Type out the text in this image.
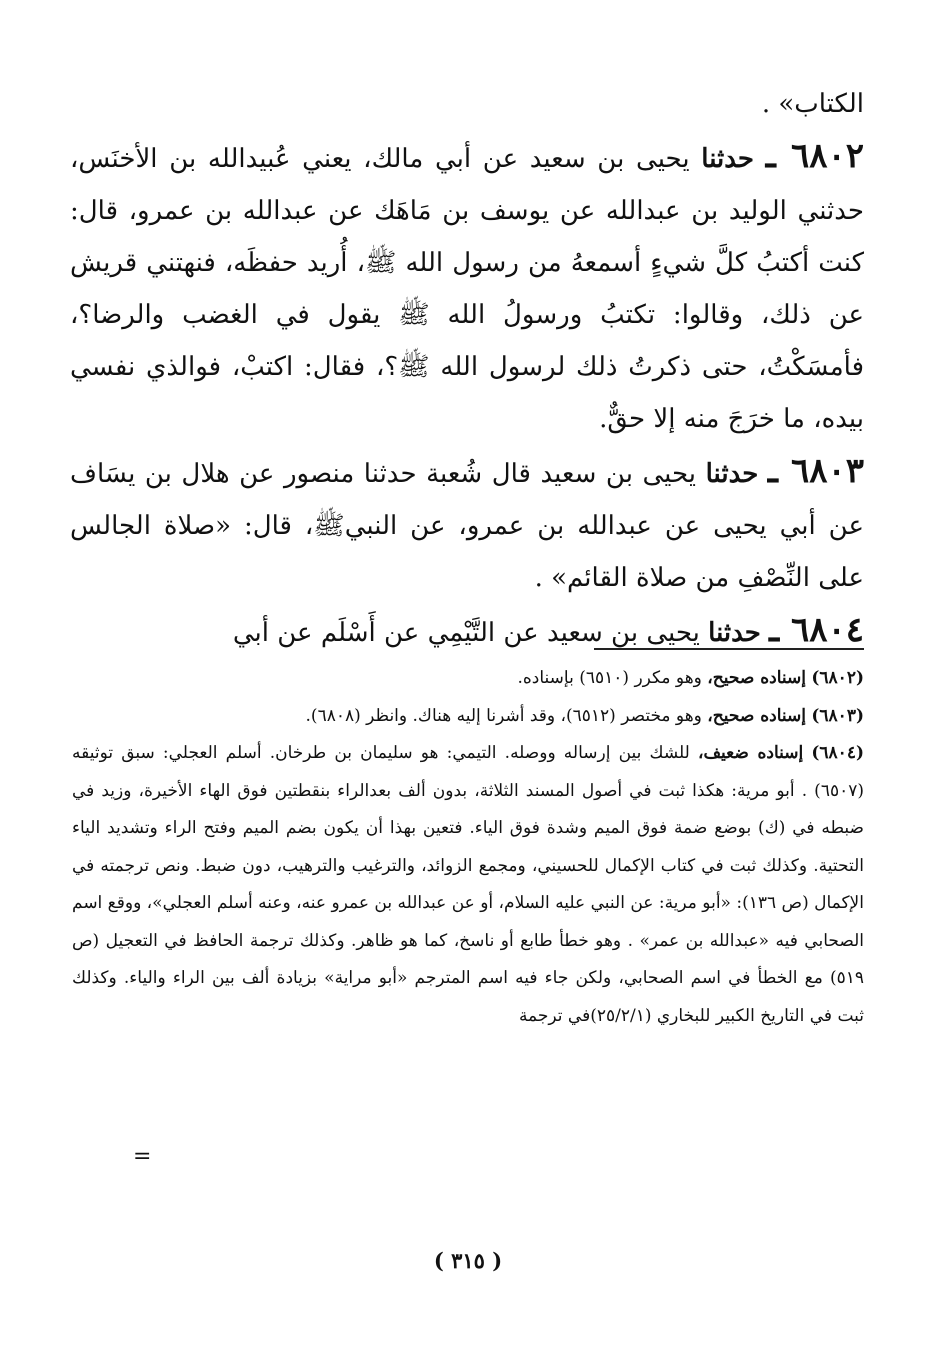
الكتاب» .

٦٨٠٢ ـ حدثنا يحيى بن سعيد عن أبي مالك، يعني عُبيدالله بن الأخنَس، حدثني الوليد بن عبدالله عن يوسف بن مَاهَك عن عبدالله بن عمرو، قال: كنت أكتبُ كلَّ شيءٍ أسمعهُ من رسول الله ﷺ، أُريد حفظَه، فنهتني قريش عن ذلك، وقالوا: تكتبُ ورسولُ الله ﷺ يقول في الغضب والرضا؟، فأمسَكْتُ، حتى ذكرتُ ذلك لرسول الله ﷺ؟، فقال: اكتبْ، فوالذي نفسي بيده، ما خرَجَ منه إلا حقٌّ.

٦٨٠٣ ـ حدثنا يحيى بن سعيد قال شُعبة حدثنا منصور عن هلال بن يسَاف عن أبي يحيى عن عبدالله بن عمرو، عن النبيﷺ، قال: «صلاة الجالس على النِّصْفِ من صلاة القائم» .

٦٨٠٤ ـ حدثنا يحيى بن سعيد عن التَّيْمِي عن أَسْلَم عن أبي

(٦٨٠٢) إسناده صحيح، وهو مكرر (٦٥١٠) بإسناده.

(٦٨٠٣) إسناده صحيح، وهو مختصر (٦٥١٢)، وقد أشرنا إليه هناك. وانظر (٦٨٠٨).

(٦٨٠٤) إسناده ضعيف، للشك بين إرساله ووصله. التيمي: هو سليمان بن طرخان. أسلم العجلي: سبق توثيقه (٦٥٠٧) . أبو مرية: هكذا ثبت في أصول المسند الثلاثة، بدون ألف بعدالراء بنقطتين فوق الهاء الأخيرة، وزيد في ضبطه في (ك) بوضع ضمة فوق الميم وشدة فوق الياء. فتعين بهذا أن يكون بضم الميم وفتح الراء وتشديد الياء التحتية. وكذلك ثبت في كتاب الإكمال للحسيني، ومجمع الزوائد، والترغيب والترهيب، دون ضبط. ونص ترجمته في الإكمال (ص ١٣٦): «أبو مرية: عن النبي عليه السلام، أو عن عبدالله بن عمرو عنه، وعنه أسلم العجلي»، ووقع اسم الصحابي فيه «عبدالله بن عمر» . وهو خطأ طابع أو ناسخ، كما هو ظاهر. وكذلك ترجمة الحافظ في التعجيل (ص ٥١٩) مع الخطأ في اسم الصحابي، ولكن جاء فيه اسم المترجم «أبو مراية» بزيادة ألف بين الراء والياء. وكذلك ثبت في التاريخ الكبير للبخاري (٢٥/٢/١)في ترجمة

=
( ٣١٥ )
